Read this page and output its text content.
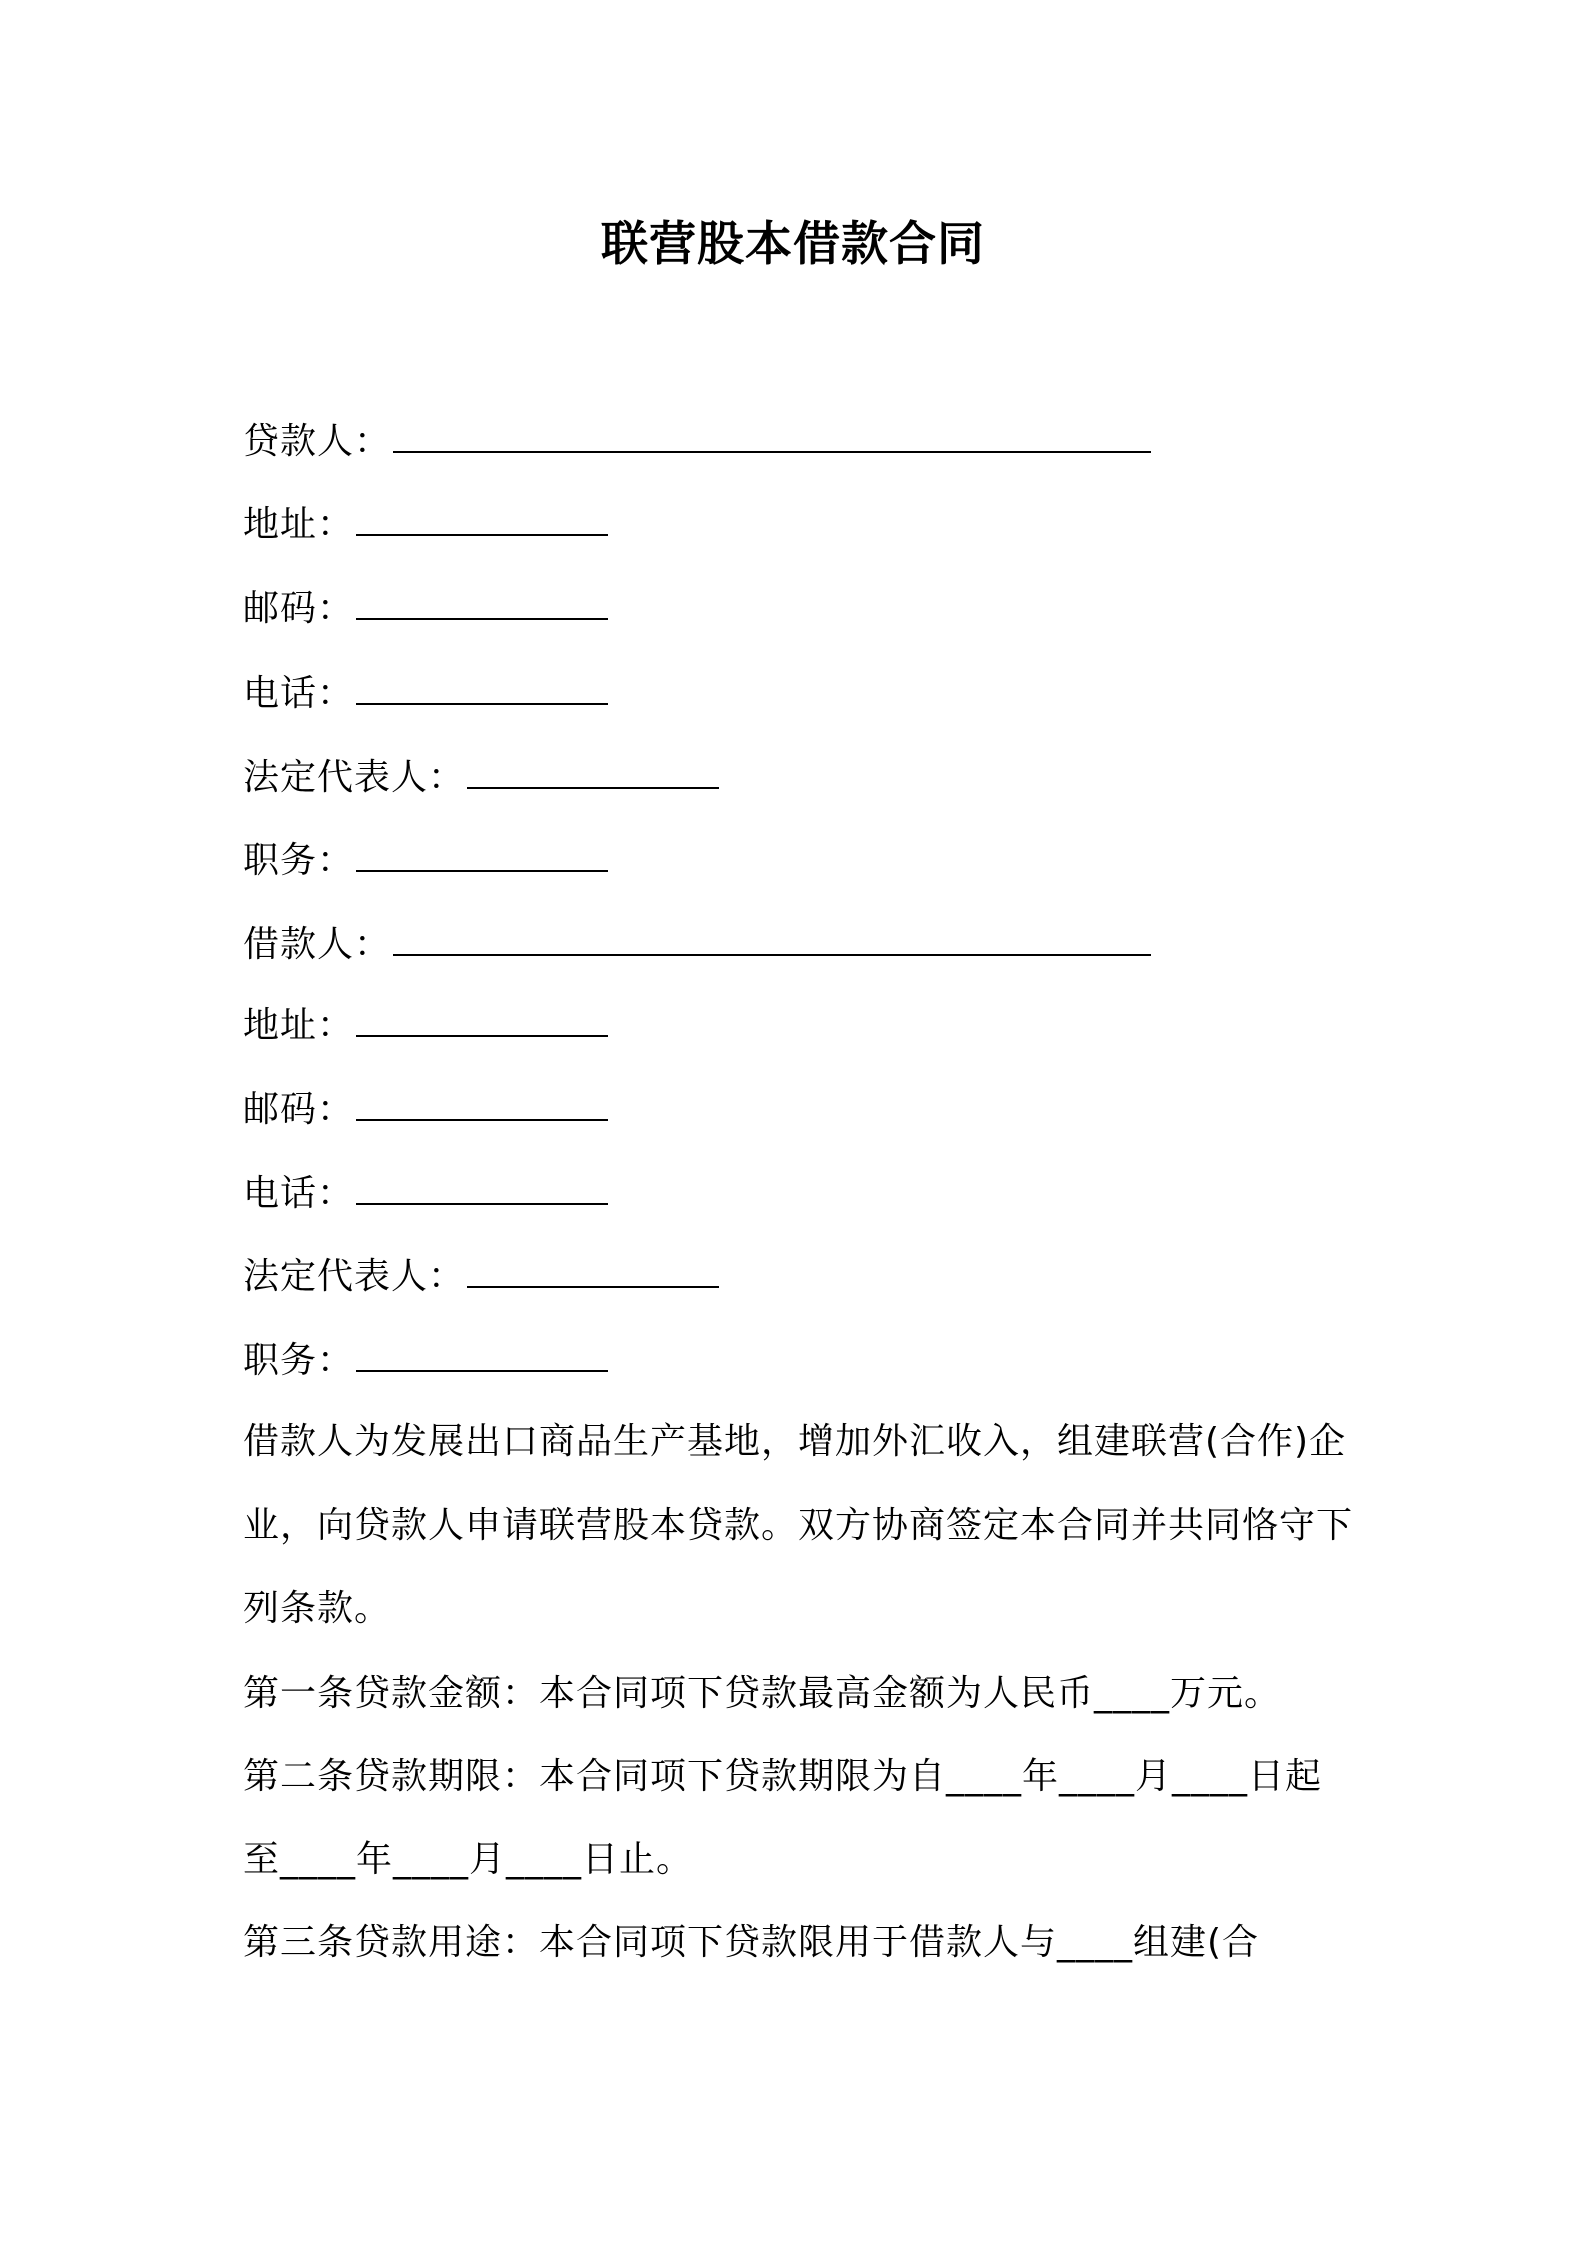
联营股本借款合同
贷款人：
地址：
邮码：
电话：
法定代表人：
职务：
借款人：
地址：
邮码：
电话：
法定代表人：
职务：
借款人为发展出口商品生产基地，增加外汇收入，组建联营(合作)企
业，向贷款人申请联营股本贷款。双方协商签定本合同并共同恪守下
列条款。
第一条贷款金额：本合同项下贷款最高金额为人民币____万元。
第二条贷款期限：本合同项下贷款期限为自____年____月____日起
至____年____月____日止。
第三条贷款用途：本合同项下贷款限用于借款人与____组建(合
